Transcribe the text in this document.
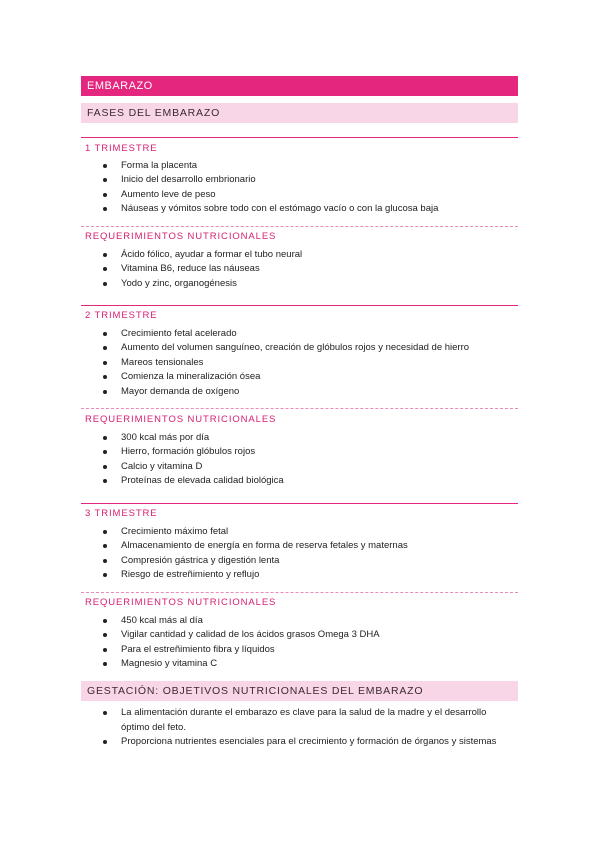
EMBARAZO
FASES DEL EMBARAZO
1 TRIMESTRE
Forma la placenta
Inicio del desarrollo embrionario
Aumento leve de peso
Náuseas y vómitos sobre todo con el estómago vacío o con la glucosa baja
REQUERIMIENTOS NUTRICIONALES
Ácido fólico, ayudar a formar el tubo neural
Vitamina B6, reduce las náuseas
Yodo y zinc, organogénesis
2 TRIMESTRE
Crecimiento fetal acelerado
Aumento del volumen sanguíneo, creación de glóbulos rojos y necesidad de hierro
Mareos tensionales
Comienza la mineralización ósea
Mayor demanda de oxígeno
REQUERIMIENTOS NUTRICIONALES
300 kcal más por día
Hierro, formación glóbulos rojos
Calcio y vitamina D
Proteínas de elevada calidad biológica
3 TRIMESTRE
Crecimiento máximo fetal
Almacenamiento de energía en forma de reserva fetales y maternas
Compresión gástrica y digestión lenta
Riesgo de estreñimiento y reflujo
REQUERIMIENTOS NUTRICIONALES
450 kcal más al día
Vigilar cantidad y calidad de los ácidos grasos Omega 3 DHA
Para el estreñimiento fibra y líquidos
Magnesio y vitamina C
GESTACIÓN: OBJETIVOS NUTRICIONALES DEL EMBARAZO
La alimentación durante el embarazo es clave para la salud de la madre y el desarrollo óptimo del feto.
Proporciona nutrientes esenciales para el crecimiento y formación de órganos y sistemas
